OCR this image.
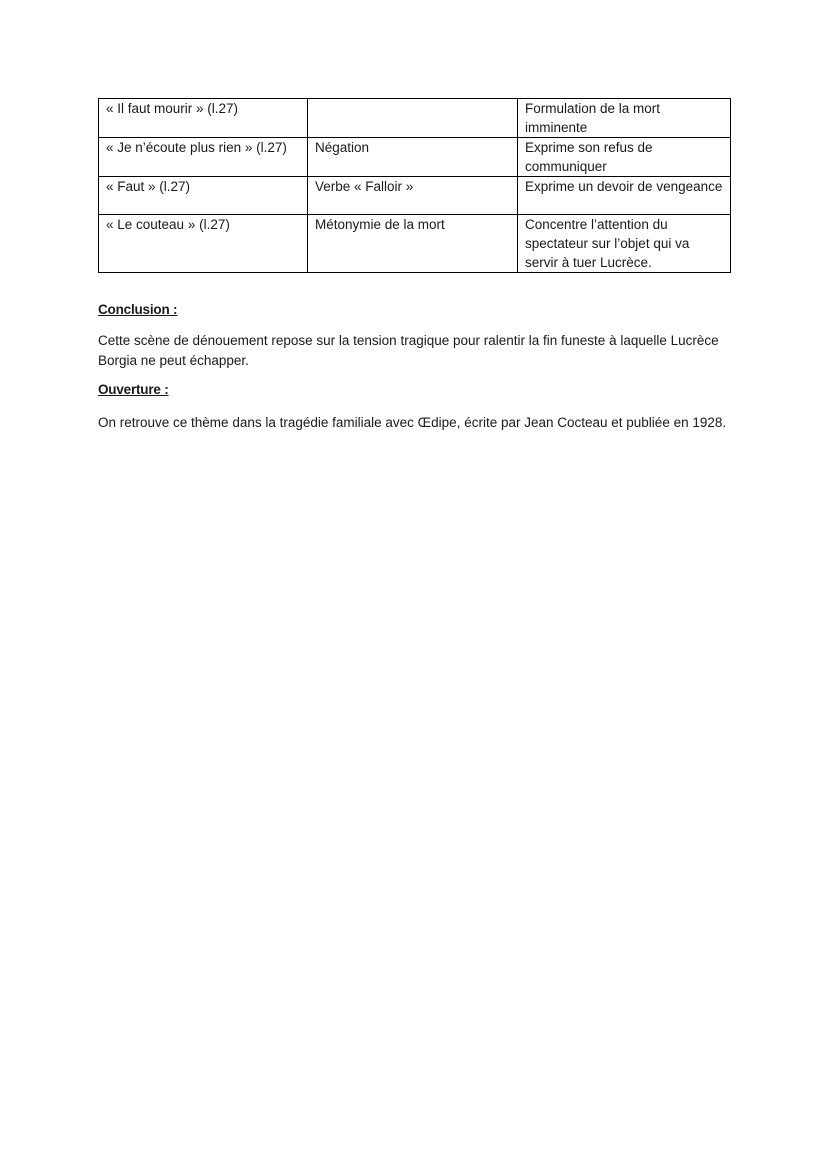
« Il faut mourir » (l.27)		Formulation de la mort imminente
« Je n’écoute plus rien » (l.27)	Négation	Exprime son refus de communiquer
« Faut » (l.27)	Verbe « Falloir »	Exprime un devoir de vengeance
« Le couteau » (l.27)	Métonymie de la mort	Concentre l’attention du spectateur sur l’objet qui va servir à tuer Lucrèce.
Conclusion :
Cette scène de dénouement repose sur la tension tragique pour ralentir la fin funeste à laquelle Lucrèce Borgia ne peut échapper.
Ouverture :
On retrouve ce thème dans la tragédie familiale avec Œdipe, écrite par Jean Cocteau et publiée en 1928.
